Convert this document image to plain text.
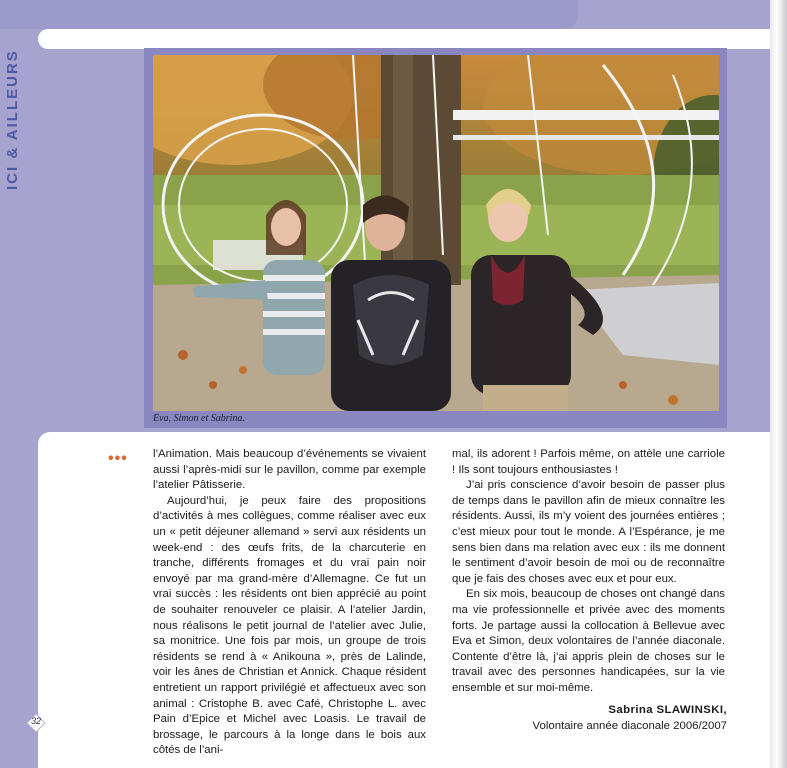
ICI & AILLEURS
Eva, Simon et Sabrina.
••• l’Animation. Mais beaucoup d’événements se vivaient aussi l’après-midi sur le pavillon, comme par exemple l’atelier Pâtisserie.

Aujourd’hui, je peux faire des propositions d’activités à mes collègues, comme réaliser avec eux un « petit déjeuner allemand » servi aux résidents un week-end : des œufs frits, de la charcuterie en tranche, différents fromages et du vrai pain noir envoyé par ma grand-mère d’Allemagne. Ce fut un vrai succès : les résidents ont bien apprécié au point de souhaiter renouveler ce plaisir. A l’atelier Jardin, nous réalisons le petit journal de l’atelier avec Julie, sa monitrice. Une fois par mois, un groupe de trois résidents se rend à « Anikouna », près de Lalinde, voir les ânes de Christian et Annick. Chaque résident entretient un rapport privilégié et affectueux avec son animal : Cristophe B. avec Café, Christophe L. avec Pain d’Epice et Michel avec Loasis. Le travail de brossage, le parcours à la longe dans le bois aux côtés de l’ani-

mal, ils adorent ! Parfois même, on attèle une carriole ! Ils sont toujours enthousiastes !

J’ai pris conscience d’avoir besoin de passer plus de temps dans le pavillon afin de mieux connaître les résidents. Aussi, ils m’y voient des journées entières ; c’est mieux pour tout le monde. A l’Espérance, je me sens bien dans ma relation avec eux : ils me donnent le sentiment d’avoir besoin de moi ou de reconnaître que je fais des choses avec eux et pour eux.

En six mois, beaucoup de choses ont changé dans ma vie professionnelle et privée avec des moments forts. Je partage aussi la collocation à Bellevue avec Eva et Simon, deux volontaires de l’année diaconale. Contente d’être là, j’ai appris plein de choses sur le travail avec des personnes handicapées, sur la vie ensemble et sur moi-même.

Sabrina SLAWINSKI,
Volontaire année diaconale 2006/2007
32
